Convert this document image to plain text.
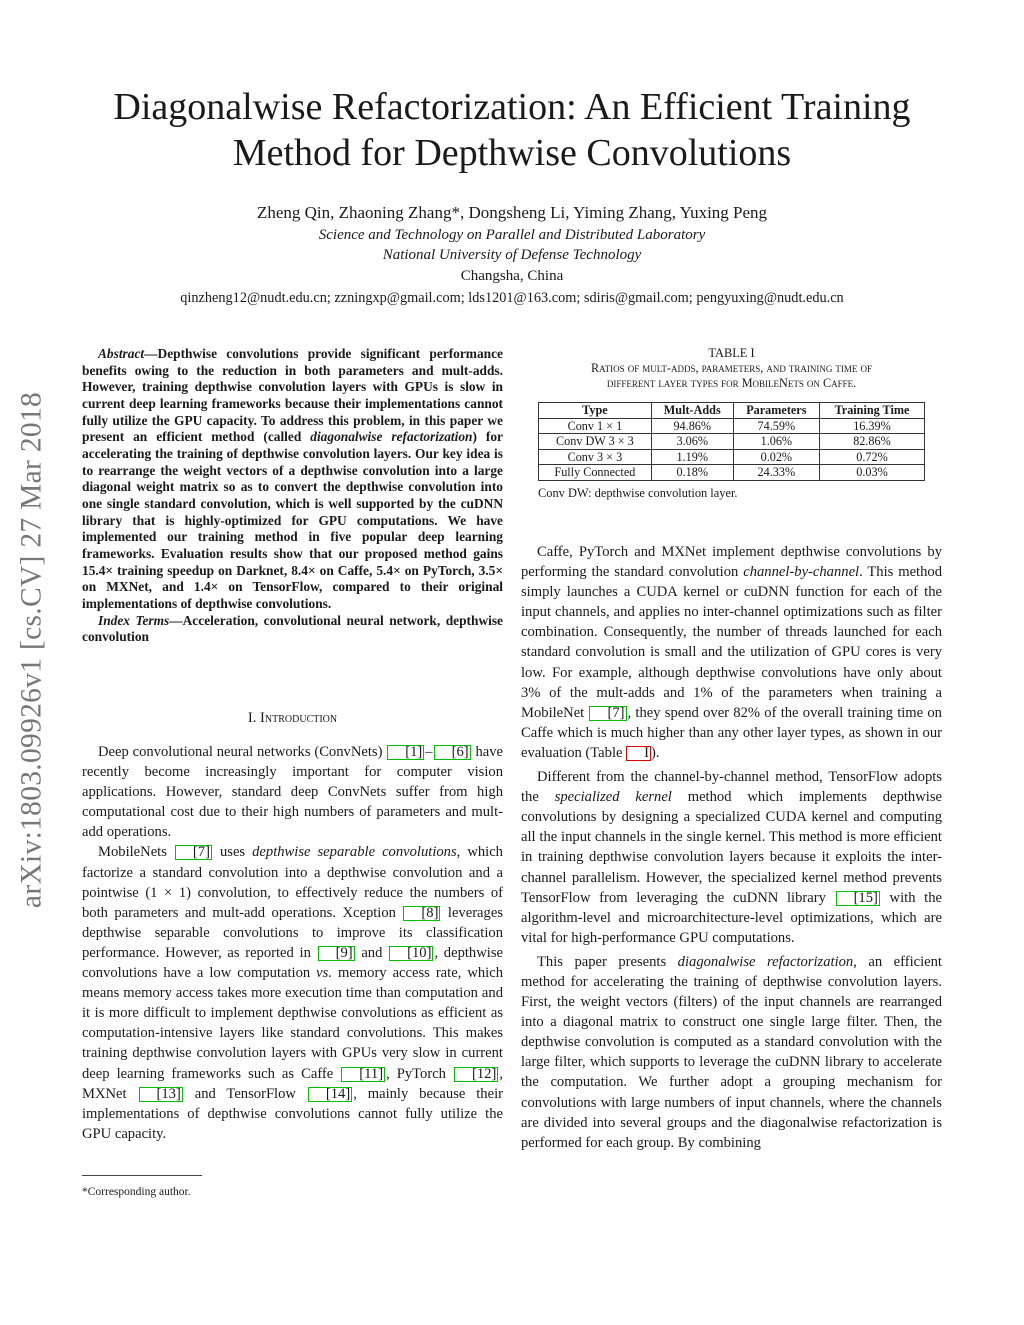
Diagonalwise Refactorization: An Efficient Training Method for Depthwise Convolutions
Zheng Qin, Zhaoning Zhang*, Dongsheng Li, Yiming Zhang, Yuxing Peng
Science and Technology on Parallel and Distributed Laboratory
National University of Defense Technology
Changsha, China
qinzheng12@nudt.edu.cn; zzningxp@gmail.com; lds1201@163.com; sdiris@gmail.com; pengyuxing@nudt.edu.cn
arXiv:1803.09926v1 [cs.CV] 27 Mar 2018

Abstract—Depthwise convolutions provide significant performance benefits owing to the reduction in both parameters and mult-adds. However, training depthwise convolution layers with GPUs is slow in current deep learning frameworks because their implementations cannot fully utilize the GPU capacity. To address this problem, in this paper we present an efficient method (called diagonalwise refactorization) for accelerating the training of depthwise convolution layers. Our key idea is to rearrange the weight vectors of a depthwise convolution into a large diagonal weight matrix so as to convert the depthwise convolution into one single standard convolution, which is well supported by the cuDNN library that is highly-optimized for GPU computations. We have implemented our training method in five popular deep learning frameworks. Evaluation results show that our proposed method gains 15.4× training speedup on Darknet, 8.4× on Caffe, 5.4× on PyTorch, 3.5× on MXNet, and 1.4× on TensorFlow, compared to their original implementations of depthwise convolutions.

Index Terms—Acceleration, convolutional neural network, depthwise convolution

I. Introduction

Deep convolutional neural networks (ConvNets) [1] – [6] have recently become increasingly important for computer vision applications. However, standard deep ConvNets suffer from high computational cost due to their high numbers of parameters and mult-add operations.

MobileNets [7] uses depthwise separable convolutions, which factorize a standard convolution into a depthwise convolution and a pointwise (1 × 1) convolution, to effectively reduce the numbers of both parameters and mult-add operations. Xception [8] leverages depthwise separable convolutions to improve its classification performance. However, as reported in [9] and [10] , depthwise convolutions have a low computation vs. memory access rate, which means memory access takes more execution time than computation and it is more difficult to implement depthwise convolutions as efficient as computation-intensive layers like standard convolutions. This makes training depthwise convolution layers with GPUs very slow in current deep learning frameworks such as Caffe [11] , PyTorch [12] , MXNet [13] and TensorFlow [14] , mainly because their implementations of depthwise convolutions cannot fully utilize the GPU capacity.

*Corresponding author.
TABLE I
Ratios of mult-adds, parameters, and training time of
different layer types for MobileNets on Caffe.
Type	Mult-Adds	Parameters	Training Time
Conv 1 × 1	94.86%	74.59%	16.39%
Conv DW 3 × 3	3.06%	1.06%	82.86%
Conv 3 × 3	1.19%	0.02%	0.72%
Fully Connected	0.18%	24.33%	0.03%
Conv DW: depthwise convolution layer.

Caffe, PyTorch and MXNet implement depthwise convolutions by performing the standard convolution channel-by-channel. This method simply launches a CUDA kernel or cuDNN function for each of the input channels, and applies no inter-channel optimizations such as filter combination. Consequently, the number of threads launched for each standard convolution is small and the utilization of GPU cores is very low. For example, although depthwise convolutions have only about 3% of the mult-adds and 1% of the parameters when training a MobileNet [7] , they spend over 82% of the overall training time on Caffe which is much higher than any other layer types, as shown in our evaluation (Table I ).

Different from the channel-by-channel method, TensorFlow adopts the specialized kernel method which implements depthwise convolutions by designing a specialized CUDA kernel and computing all the input channels in the single kernel. This method is more efficient in training depthwise convolution layers because it exploits the inter-channel parallelism. However, the specialized kernel method prevents TensorFlow from leveraging the cuDNN library [15] with the algorithm-level and microarchitecture-level optimizations, which are vital for high-performance GPU computations.

This paper presents diagonalwise refactorization, an efficient method for accelerating the training of depthwise convolution layers. First, the weight vectors (filters) of the input channels are rearranged into a diagonal matrix to construct one single large filter. Then, the depthwise convolution is computed as a standard convolution with the large filter, which supports to leverage the cuDNN library to accelerate the computation. We further adopt a grouping mechanism for convolutions with large numbers of input channels, where the channels are divided into several groups and the diagonalwise refactorization is performed for each group. By combining
